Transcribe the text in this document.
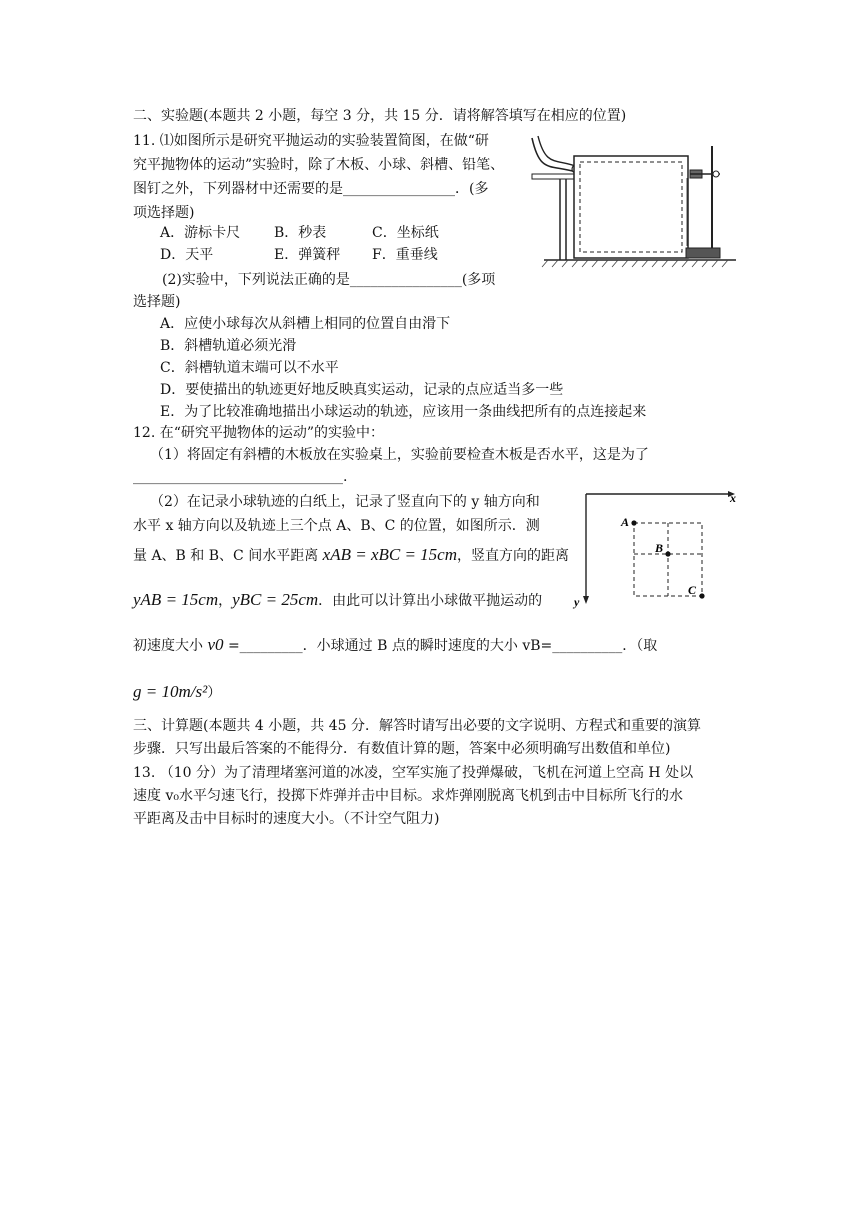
二、实验题(本题共 2 小题，每空 3 分，共 15 分．请将解答填写在相应的位置)
11. ⑴如图所示是研究平抛运动的实验装置简图，在做“研
究平抛物体的运动”实验时，除了木板、小球、斜槽、铅笔、
图钉之外，下列器材中还需要的是________________．(多
项选择题)
A．游标卡尺 B．秒表	C．坐标纸
D．天平	E．弹簧秤 F．重垂线
(2)实验中，下列说法正确的是________________(多项
选择题)
A．应使小球每次从斜槽上相同的位置自由滑下
B．斜槽轨道必须光滑
C．斜槽轨道末端可以不水平
D．要使描出的轨迹更好地反映真实运动，记录的点应适当多一些
E．为了比较准确地描出小球运动的轨迹，应该用一条曲线把所有的点连接起来
12. 在“研究平抛物体的运动”的实验中：
（1）将固定有斜槽的木板放在实验桌上，实验前要检查木板是否水平，这是为了
______________________________.
（2）在记录小球轨迹的白纸上，记录了竖直向下的 y 轴方向和
水平 x 轴方向以及轨迹上三个点 A、B、C 的位置，如图所示．测
量 A、B 和 B、C 间水平距离 xAB = xBC = 15cm，竖直方向的距离
yAB = 15cm，yBC = 25cm．由此可以计算出小球做平抛运动的
初速度大小 v0 =_________．小球通过 B 点的瞬时速度的大小 vB=__________．（取
g = 10m/s²）
x
y
A
B
C
三、计算题(本题共 4 小题，共 45 分．解答时请写出必要的文字说明、方程式和重要的演算
步骤．只写出最后答案的不能得分．有数值计算的题，答案中必须明确写出数值和单位)
13. （10 分）为了清理堵塞河道的冰凌，空军实施了投弹爆破，飞机在河道上空高 H 处以
速度 v₀水平匀速飞行，投掷下炸弹并击中目标。求炸弹刚脱离飞机到击中目标所飞行的水
平距离及击中目标时的速度大小。（不计空气阻力)
